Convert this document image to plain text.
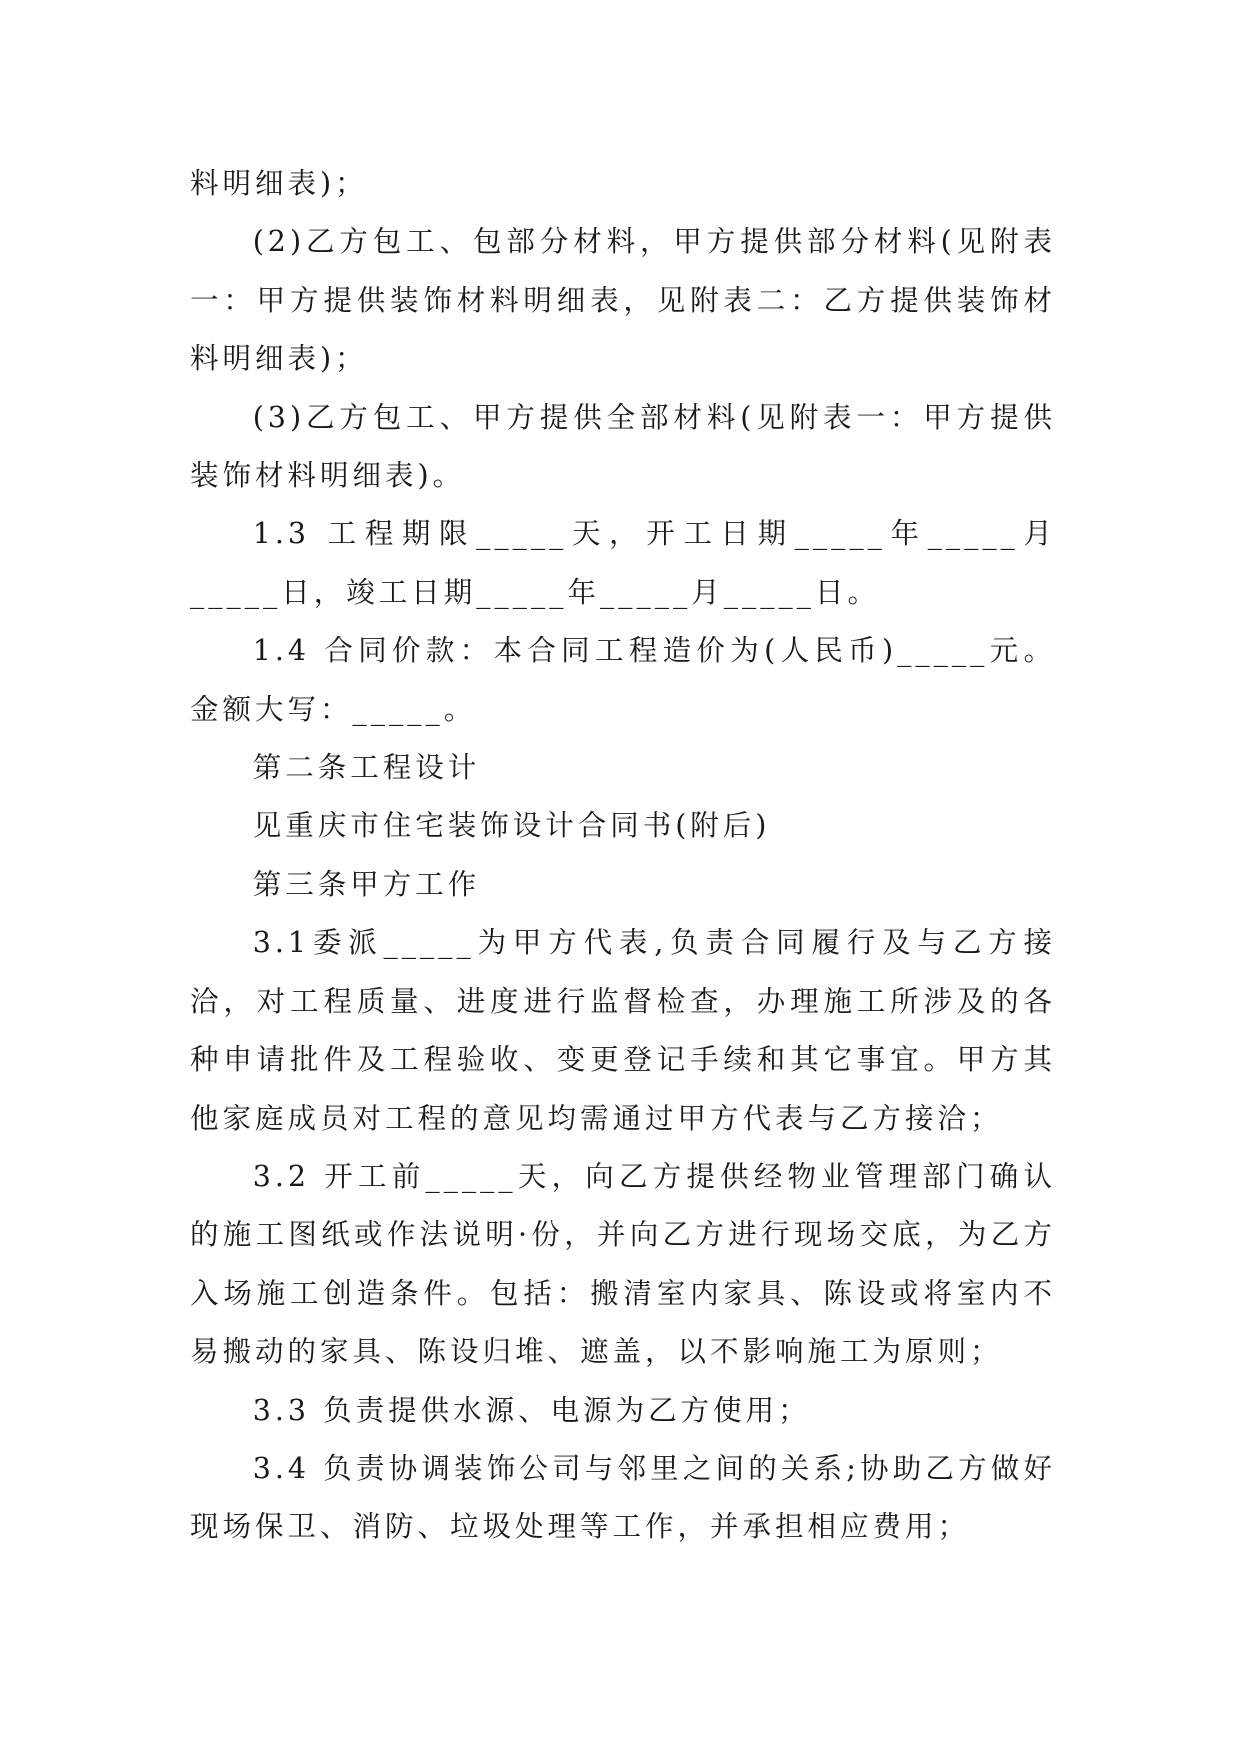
料明细表)；

(2)乙方包工、包部分材料，甲方提供部分材料(见附表一：甲方提供装饰材料明细表，见附表二：乙方提供装饰材料明细表)；

(3)乙方包工、甲方提供全部材料(见附表一：甲方提供装饰材料明细表)。

1.3 工程期限_____天，开工日期_____年_____月_____日，竣工日期_____年_____月_____日。

1.4 合同价款：本合同工程造价为(人民币)_____元。金额大写：_____。

第二条工程设计

见重庆市住宅装饰设计合同书(附后)

第三条甲方工作

3.1委派_____为甲方代表,负责合同履行及与乙方接洽，对工程质量、进度进行监督检查，办理施工所涉及的各种申请批件及工程验收、变更登记手续和其它事宜。甲方其他家庭成员对工程的意见均需通过甲方代表与乙方接洽；

3.2 开工前_____天，向乙方提供经物业管理部门确认的施工图纸或作法说明·份，并向乙方进行现场交底，为乙方入场施工创造条件。包括：搬清室内家具、陈设或将室内不易搬动的家具、陈设归堆、遮盖，以不影响施工为原则；

3.3 负责提供水源、电源为乙方使用；

3.4 负责协调装饰公司与邻里之间的关系;协助乙方做好现场保卫、消防、垃圾处理等工作，并承担相应费用；
